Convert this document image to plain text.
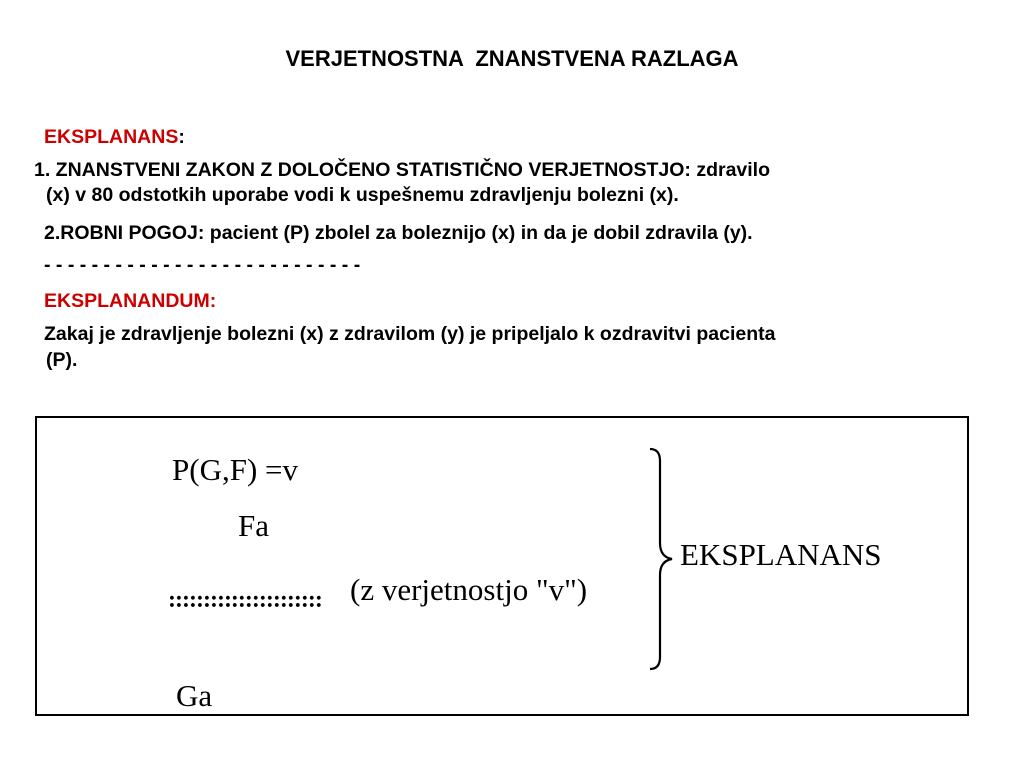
VERJETNOSTNA  ZNANSTVENA RAZLAGA
EKSPLANANS:
1. ZNANSTVENI ZAKON Z DOLOČENO STATISTIČNO VERJETNOSTJO: zdravilo
(x) v 80 odstotkih uporabe vodi k uspešnemu zdravljenju bolezni (x).
2.ROBNI POGOJ: pacient (P) zbolel za boleznijo (x) in da je dobil zdravila (y).
- - - - - - - - - - - - - - - - - - - - - - - - - - -
EKSPLANANDUM:
Zakaj je zdravljenje bolezni (x) z zdravilom (y) je pripeljalo k ozdravitvi pacienta
(P).
P(G,F) =v
Fa
:::::::::::::::::::::: (z verjetnostjo "v")
Ga
EKSPLANANS
